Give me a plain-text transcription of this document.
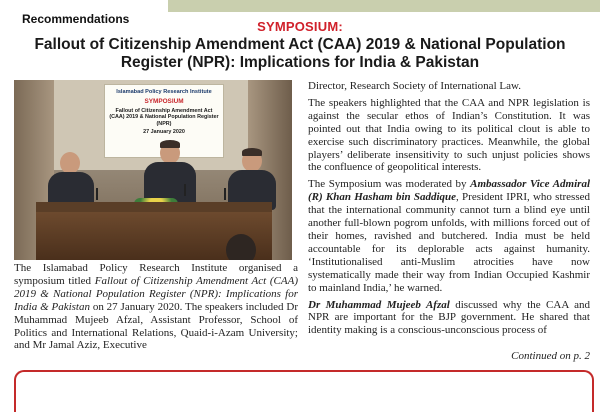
SYMPOSIUM:
Fallout of Citizenship Amendment Act (CAA) 2019 & National Population
Register (NPR): Implications for India & Pakistan
Islamabad Policy Research Institute
SYMPOSIUM
Fallout of Citizenship Amendment Act (CAA) 2019 & National Population Register (NPR)
27 January 2020

The Islamabad Policy Research Institute organised a symposium titled Fallout of Citizenship Amendment Act (CAA) 2019 & National Population Register (NPR): Implications for India & Pakistan on 27 January 2020. The speakers included Dr Muhammad Mujeeb Afzal, Assistant Professor, School of Politics and International Relations, Quaid-i-Azam University; and Mr Jamal Aziz, Executive

Director, Research Society of International Law.

The speakers highlighted that the CAA and NPR legislation is against the secular ethos of Indian’s Constitution. It was pointed out that India owing to its political clout is able to exercise such discriminatory practices. Meanwhile, the global players’ deliberate insensitivity to such unjust policies shows the confluence of geopolitical interests.

The Symposium was moderated by Ambassador Vice Admiral (R) Khan Hasham bin Saddique, President IPRI, who stressed that the international community cannot turn a blind eye until another full-blown pogrom unfolds, with millions forced out of their homes, ravished and butchered. India must be held accountable for its deplorable acts against humanity. ‘Institutionalised anti-Muslim atrocities have now systematically made their way from Indian Occupied Kashmir to mainland India,’ he warned.

Dr Muhammad Mujeeb Afzal discussed why the CAA and NPR are important for the BJP government. He shared that identity making is a conscious-unconscious process of

Continued on p. 2
Recommendations
